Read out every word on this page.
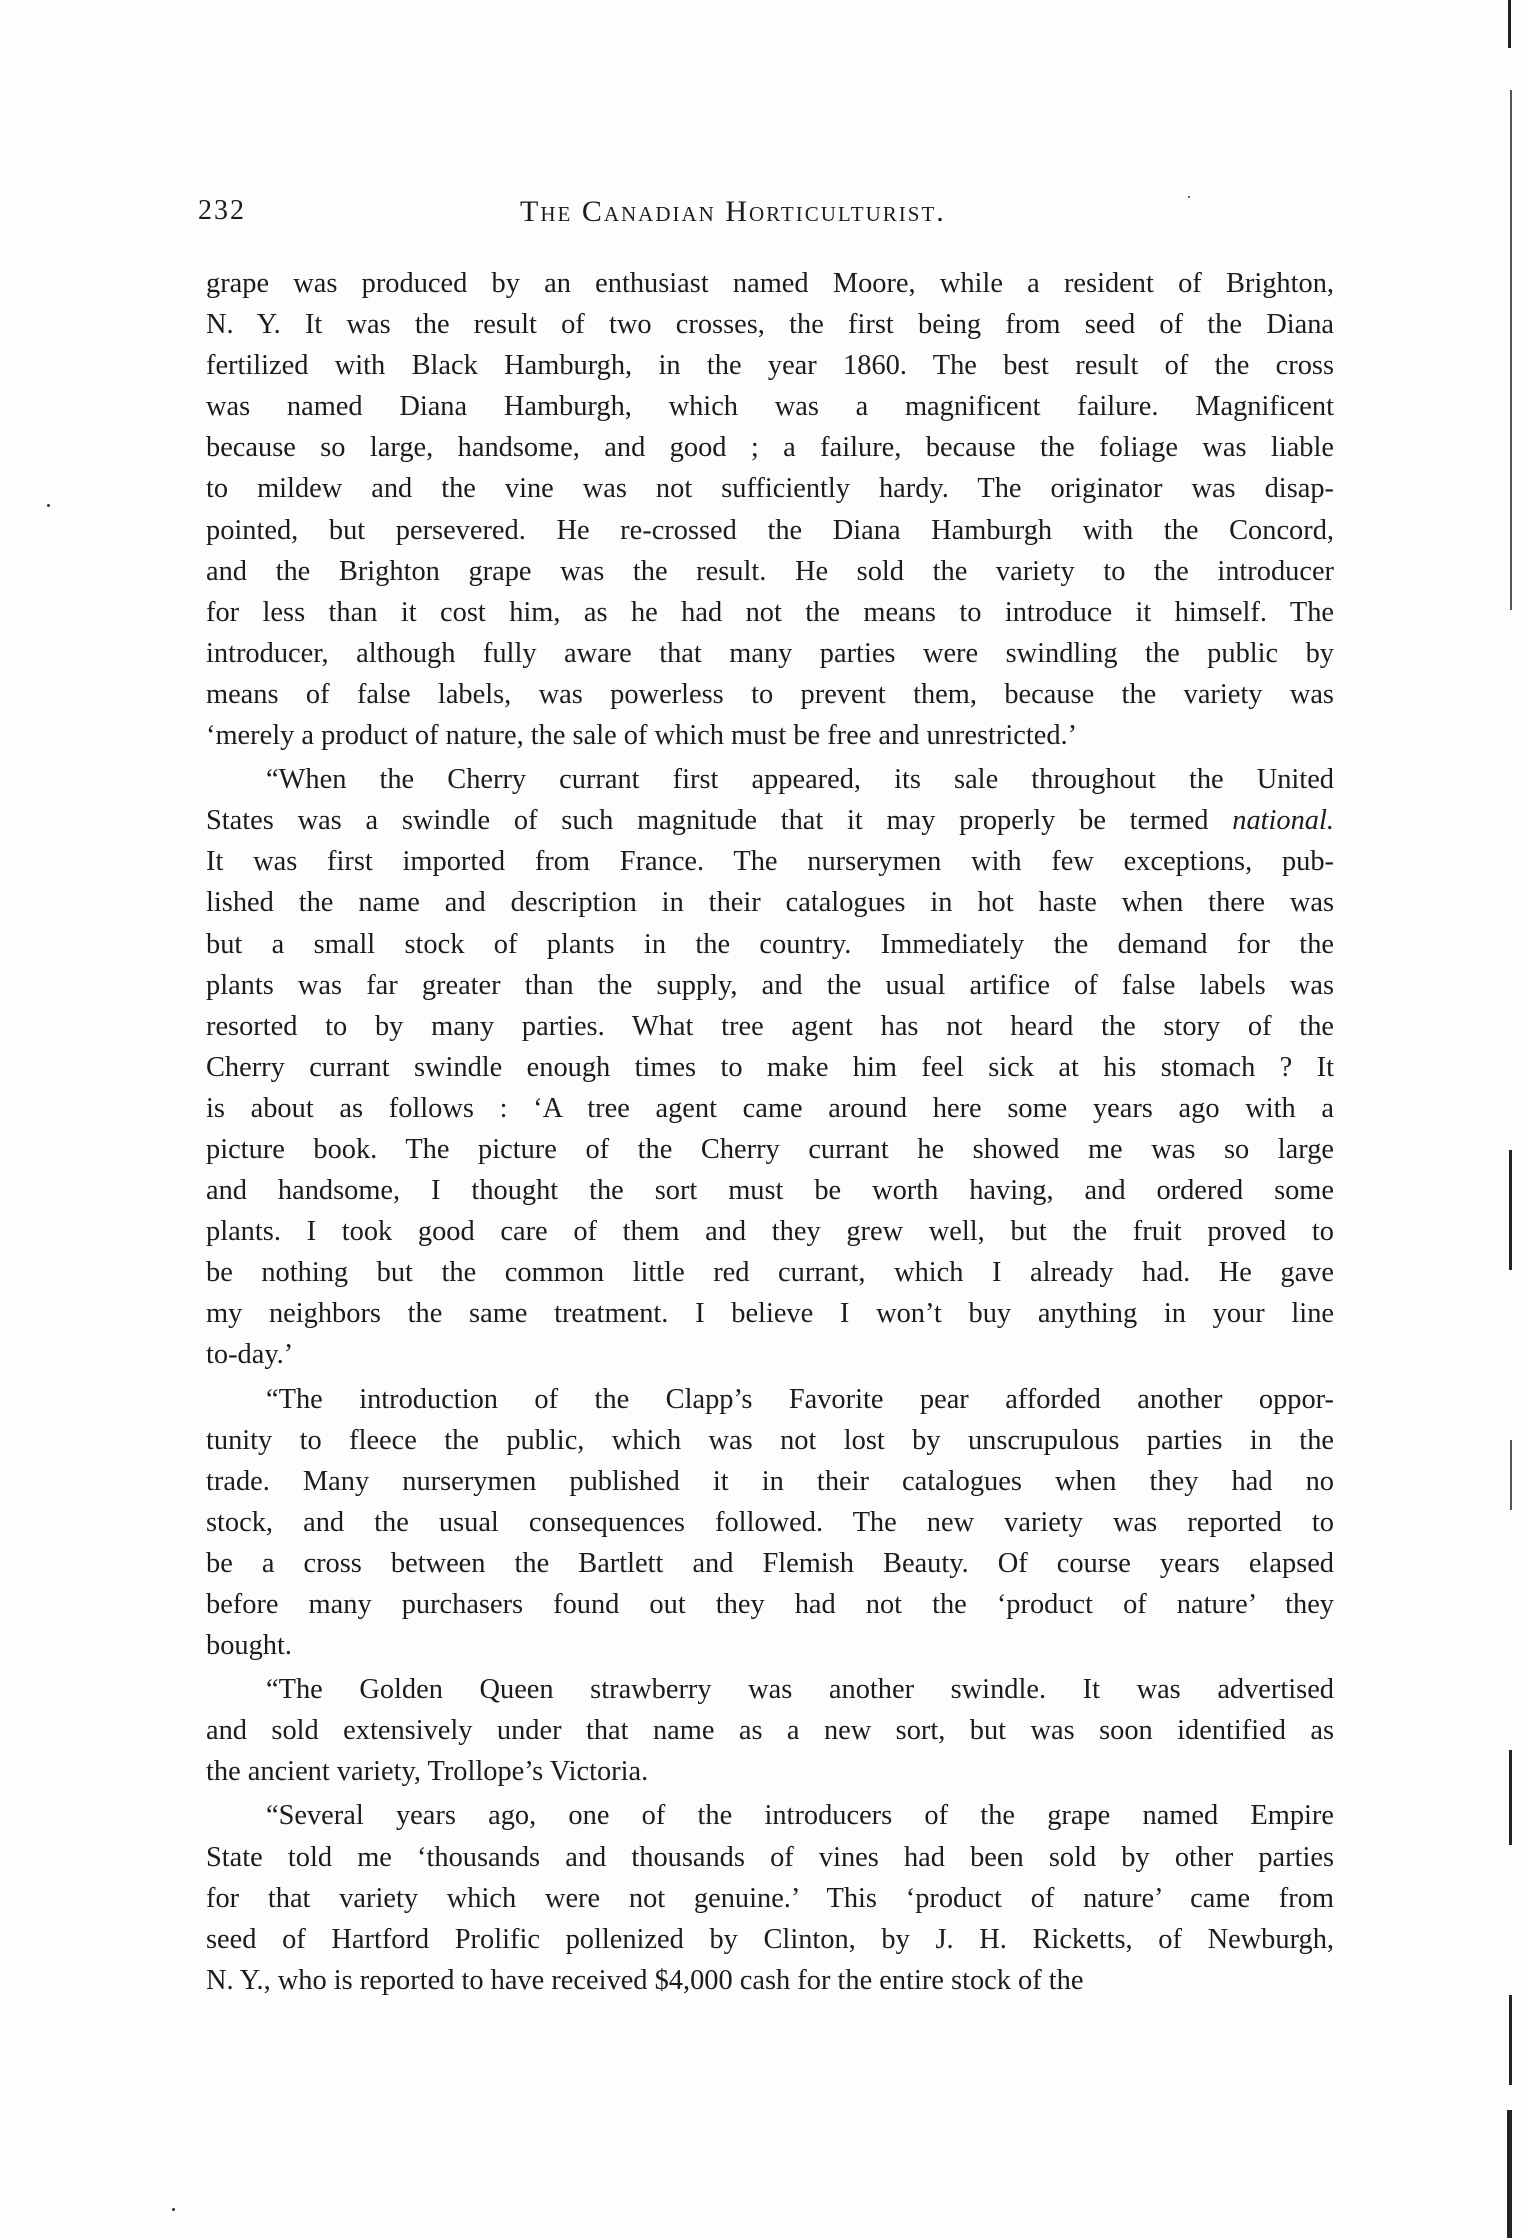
232	The Canadian Horticulturist.
grape was produced by an enthusiast named Moore, while a resident of Brighton,
N. Y. It was the result of two crosses, the first being from seed of the Diana
fertilized with Black Hamburgh, in the year 1860. The best result of the cross
was named Diana Hamburgh, which was a magnificent failure. Magnificent
because so large, handsome, and good ; a failure, because the foliage was liable
to mildew and the vine was not sufficiently hardy. The originator was disap-
pointed, but persevered. He re-crossed the Diana Hamburgh with the Concord,
and the Brighton grape was the result. He sold the variety to the introducer
for less than it cost him, as he had not the means to introduce it himself. The
introducer, although fully aware that many parties were swindling the public by
means of false labels, was powerless to prevent them, because the variety was
‘merely a product of nature, the sale of which must be free and unrestricted.’
“When the Cherry currant first appeared, its sale throughout the United
States was a swindle of such magnitude that it may properly be termed national.
It was first imported from France. The nurserymen with few exceptions, pub-
lished the name and description in their catalogues in hot haste when there was
but a small stock of plants in the country. Immediately the demand for the
plants was far greater than the supply, and the usual artifice of false labels was
resorted to by many parties. What tree agent has not heard the story of the
Cherry currant swindle enough times to make him feel sick at his stomach ? It
is about as follows : ‘A tree agent came around here some years ago with a
picture book. The picture of the Cherry currant he showed me was so large
and handsome, I thought the sort must be worth having, and ordered some
plants. I took good care of them and they grew well, but the fruit proved to
be nothing but the common little red currant, which I already had. He gave
my neighbors the same treatment. I believe I won’t buy anything in your line
to-day.’
“The introduction of the Clapp’s Favorite pear afforded another oppor-
tunity to fleece the public, which was not lost by unscrupulous parties in the
trade. Many nurserymen published it in their catalogues when they had no
stock, and the usual consequences followed. The new variety was reported to
be a cross between the Bartlett and Flemish Beauty. Of course years elapsed
before many purchasers found out they had not the ‘product of nature’ they
bought.
“The Golden Queen strawberry was another swindle. It was advertised
and sold extensively under that name as a new sort, but was soon identified as
the ancient variety, Trollope’s Victoria.
“Several years ago, one of the introducers of the grape named Empire
State told me ‘thousands and thousands of vines had been sold by other parties
for that variety which were not genuine.’ This ‘product of nature’ came from
seed of Hartford Prolific pollenized by Clinton, by J. H. Ricketts, of Newburgh,
N. Y., who is reported to have received $4,000 cash for the entire stock of the
